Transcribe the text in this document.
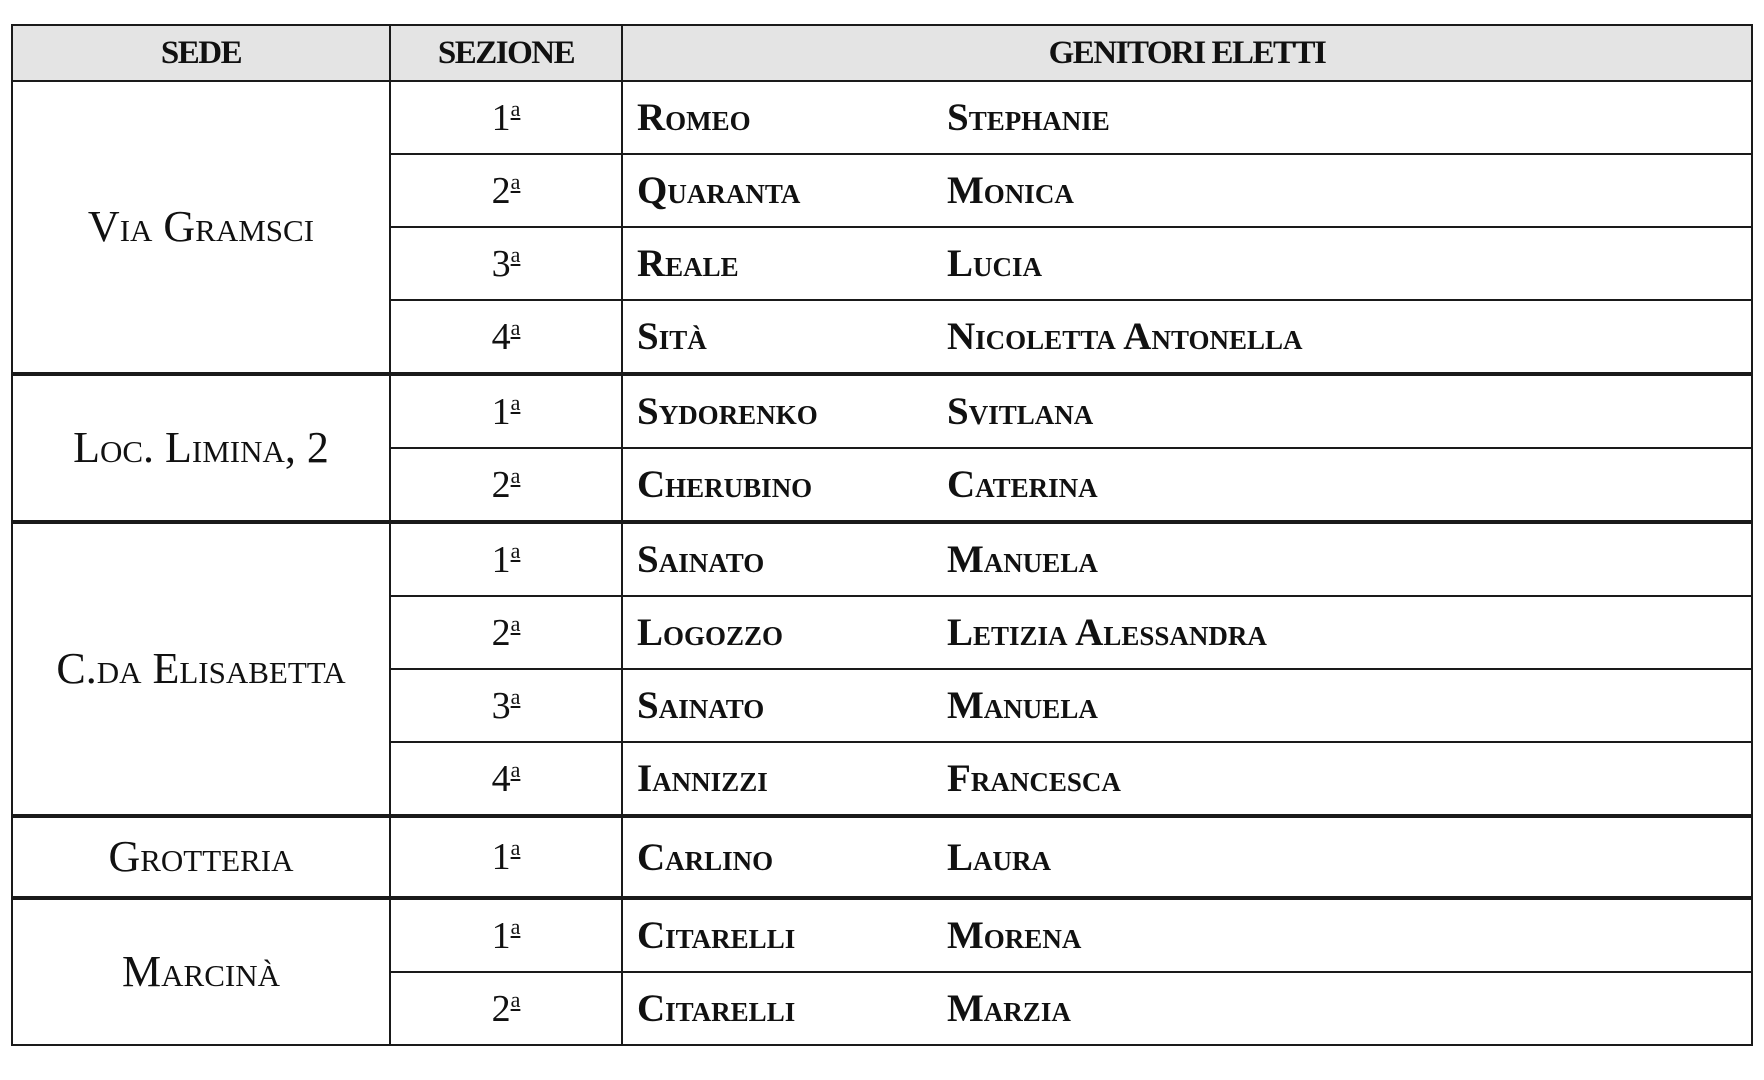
SEDE	SEZIONE	GENITORI ELETTI
Via Gramsci	1$^a$	Romeo Stephanie
	2$^a$	Quaranta Monica
	3$^a$	Reale Lucia
	4$^a$	Sità Nicoletta Antonella
Loc. Limina, 2	1$^a$	Sydorenko Svitlana
	2$^a$	Cherubino Caterina
C.da Elisabetta	1$^a$	Sainato Manuela
	2$^a$	Logozzo Letizia Alessandra
	3$^a$	Sainato Manuela
	4$^a$	Iannizzi Francesca
Grotteria	1$^a$	Carlino Laura
Marcinà	1$^a$	Citarelli Morena
	2$^a$	Citarelli Marzia
